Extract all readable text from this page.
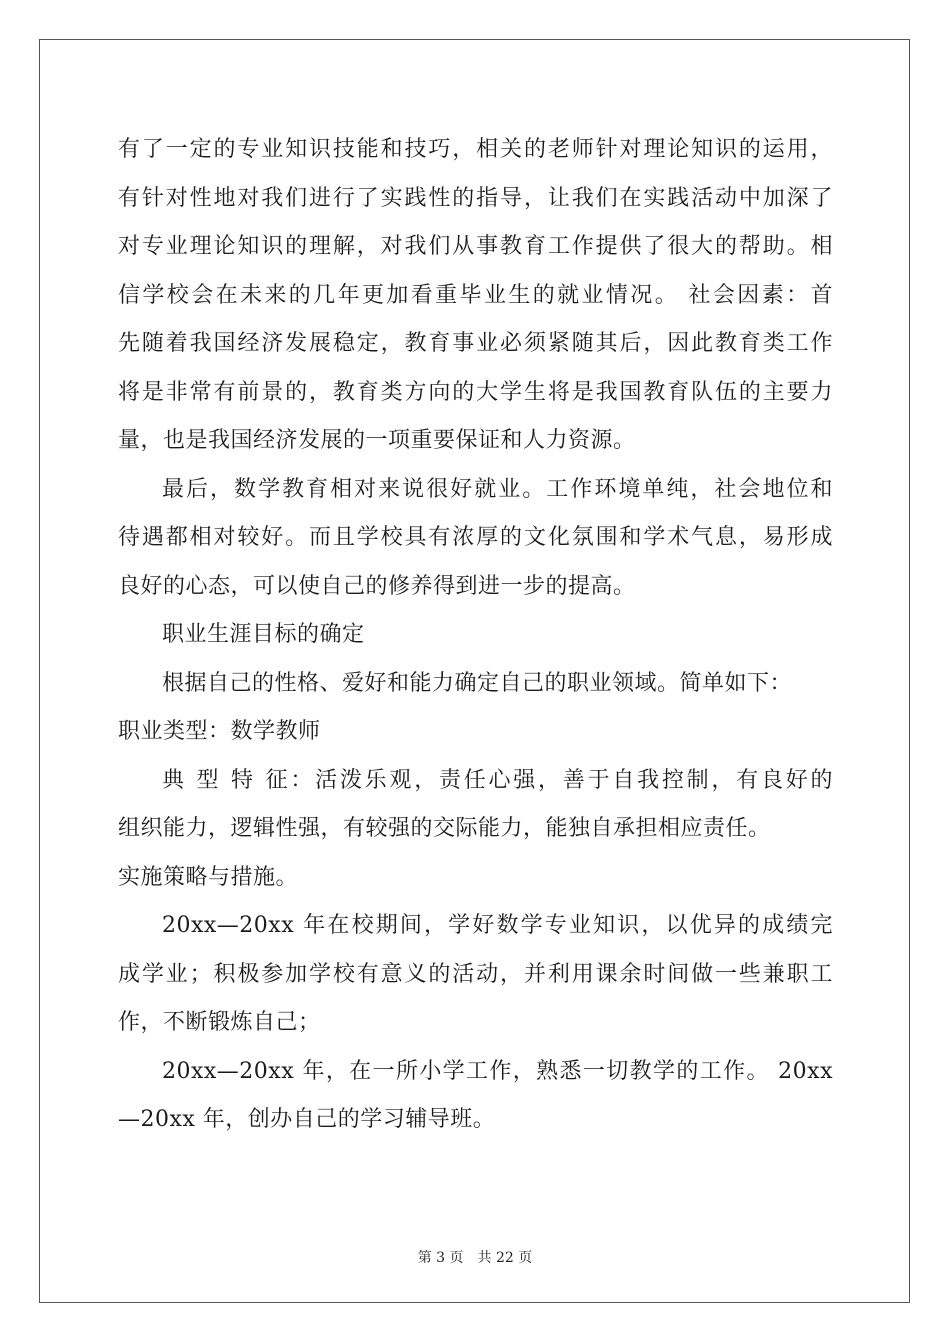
有了一定的专业知识技能和技巧，相关的老师针对理论知识的运用，
有针对性地对我们进行了实践性的指导，让我们在实践活动中加深了
对专业理论知识的理解，对我们从事教育工作提供了很大的帮助。相
信学校会在未来的几年更加看重毕业生的就业情况。 社会因素：首
先随着我国经济发展稳定，教育事业必须紧随其后，因此教育类工作
将是非常有前景的，教育类方向的大学生将是我国教育队伍的主要力
量，也是我国经济发展的一项重要保证和人力资源。
最后，数学教育相对来说很好就业。工作环境单纯，社会地位和
待遇都相对较好。而且学校具有浓厚的文化氛围和学术气息，易形成
良好的心态，可以使自己的修养得到进一步的提高。
职业生涯目标的确定
根据自己的性格、爱好和能力确定自己的职业领域。简单如下：
职业类型：数学教师
典 型 特 征：活泼乐观，责任心强，善于自我控制，有良好的
组织能力，逻辑性强，有较强的交际能力，能独自承担相应责任。
实施策略与措施。
20xx—20xx 年在校期间，学好数学专业知识，以优异的成绩完
成学业；积极参加学校有意义的活动，并利用课余时间做一些兼职工
作，不断锻炼自己；
20xx—20xx 年，在一所小学工作，熟悉一切教学的工作。 20xx
—20xx 年，创办自己的学习辅导班。
第 3 页 共 22 页
